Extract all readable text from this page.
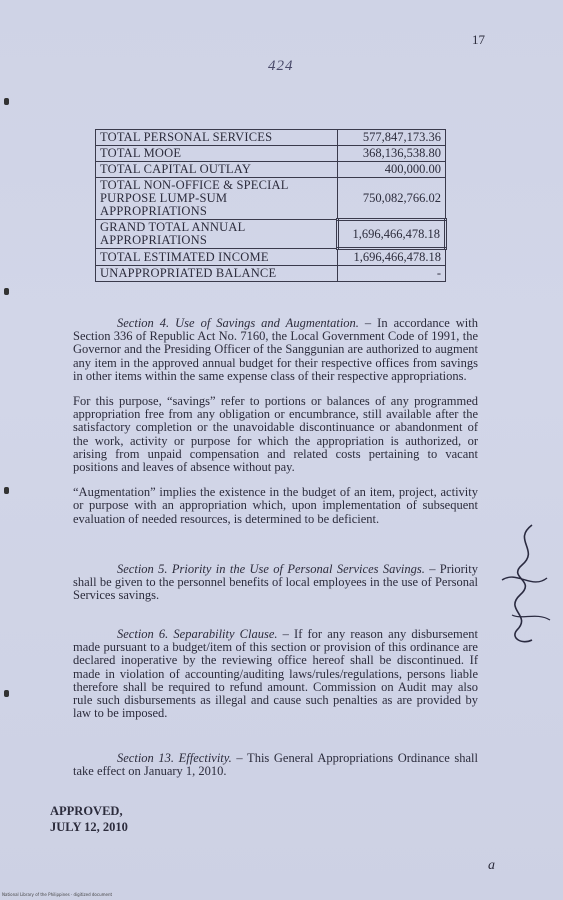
17
424
TOTAL PERSONAL SERVICES	577,847,173.36
TOTAL MOOE	368,136,538.80
TOTAL CAPITAL OUTLAY	400,000.00
TOTAL NON-OFFICE & SPECIAL PURPOSE LUMP-SUM APPROPRIATIONS	750,082,766.02
GRAND TOTAL ANNUAL APPROPRIATIONS	1,696,466,478.18
TOTAL ESTIMATED INCOME	1,696,466,478.18
UNAPPROPRIATED BALANCE	-
Section 4. Use of Savings and Augmentation. – In accordance with Section 336 of Republic Act No. 7160, the Local Government Code of 1991, the Governor and the Presiding Officer of the Sanggunian are authorized to augment any item in the approved annual budget for their respective offices from savings in other items within the same expense class of their respective appropriations.
For this purpose, “savings” refer to portions or balances of any programmed appropriation free from any obligation or encumbrance, still available after the satisfactory completion or the unavoidable discontinuance or abandonment of the work, activity or purpose for which the appropriation is authorized, or arising from unpaid compensation and related costs pertaining to vacant positions and leaves of absence without pay.
“Augmentation” implies the existence in the budget of an item, project, activity or purpose with an appropriation which, upon implementation of subsequent evaluation of needed resources, is determined to be deficient.
Section 5. Priority in the Use of Personal Services Savings. – Priority shall be given to the personnel benefits of local employees in the use of Personal Services savings.
Section 6. Separability Clause. – If for any reason any disbursement made pursuant to a budget/item of this section or provision of this ordinance are declared inoperative by the reviewing office hereof shall be discontinued. If made in violation of accounting/auditing laws/rules/regulations, persons liable therefore shall be required to refund amount. Commission on Audit may also rule such disbursements as illegal and cause such penalties as are provided by law to be imposed.
Section 13. Effectivity. – This General Appropriations Ordinance shall take effect on January 1, 2010.
APPROVED,
JULY 12, 2010
a
National Library of the Philippines · digitized document
